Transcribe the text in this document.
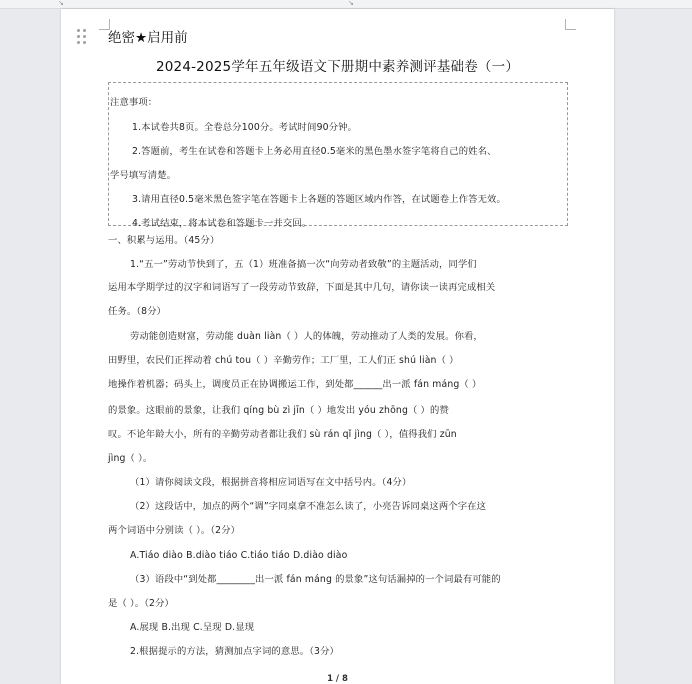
↘	↘
绝密★启用前
2024-2025学年五年级语文下册期中素养测评基础卷（一）
注意事项：
1.本试卷共8页。全卷总分100分。考试时间90分钟。
2.答题前，考生在试卷和答题卡上务必用直径0.5毫米的黑色墨水签字笔将自己的姓名、
学号填写清楚。
3.请用直径0.5毫米黑色签字笔在答题卡上各题的答题区域内作答，在试题卷上作答无效。
4.考试结束，将本试卷和答题卡一并交回。
一、积累与运用。（45分）
1.“五一”劳动节快到了，五（1）班准备搞一次“向劳动者致敬”的主题活动，同学们
运用本学期学过的汉字和词语写了一段劳动节致辞，下面是其中几句，请你读一读再完成相关
任务。（8分）
劳动能创造财富，劳动能 duàn liàn（ ）人的体魄，劳动推动了人类的发展。你看，
田野里，农民们正挥动着 chú tou（ ）辛勤劳作；工厂里，工人们正 shú liàn（ ）
地操作着机器；码头上，调度员正在协调搬运工作，到处都______出一派 fán máng（ ）
的景象。这眼前的景象，让我们 qíng bù zì jīn（ ）地发出 yóu zhōng（ ）的赞
叹。不论年龄大小，所有的辛勤劳动者都让我们 sù rán qǐ jìng（ ），值得我们 zūn
jìng（ ）。
（1）请你阅读文段，根据拼音将相应词语写在文中括号内。（4分）
（2）这段话中，加点的两个“调”字同桌拿不准怎么读了，小亮告诉同桌这两个字在这
两个词语中分别读（ ）。（2分）
A.Tiáo diào B.diào tiáo C.tiáo tiáo D.diào diào
（3）语段中“到处都________出一派 fán máng 的景象”这句话漏掉的一个词最有可能的
是（ ）。（2分）
A.展现 B.出现 C.呈现 D.显现
2.根据提示的方法，猜测加点字词的意思。（3分）
1 / 8
